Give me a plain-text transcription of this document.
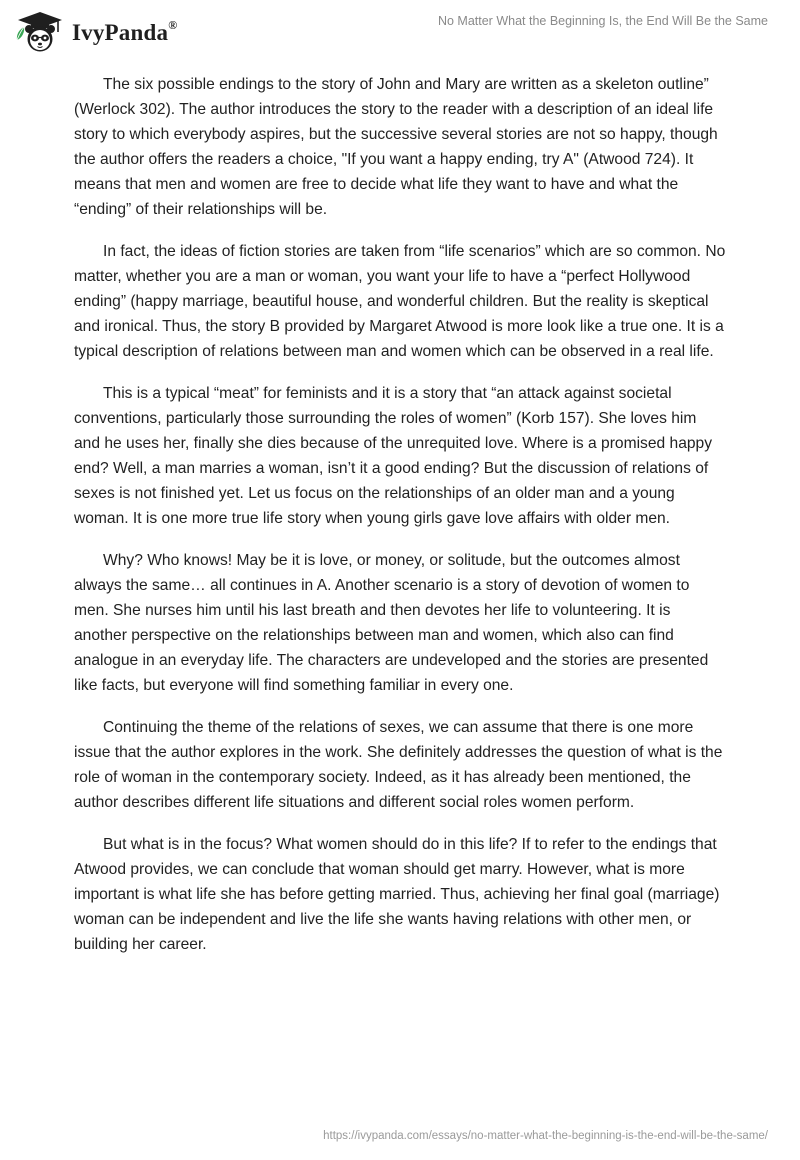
IvyPanda®	No Matter What the Beginning Is, the End Will Be the Same

The six possible endings to the story of John and Mary are written as a skeleton outline” (Werlock 302). The author introduces the story to the reader with a description of an ideal life story to which everybody aspires, but the successive several stories are not so happy, though the author offers the readers a choice, "If you want a happy ending, try A" (Atwood 724). It means that men and women are free to decide what life they want to have and what the “ending” of their relationships will be.

In fact, the ideas of fiction stories are taken from “life scenarios” which are so common. No matter, whether you are a man or woman, you want your life to have a “perfect Hollywood ending” (happy marriage, beautiful house, and wonderful children. But the reality is skeptical and ironical. Thus, the story B provided by Margaret Atwood is more look like a true one. It is a typical description of relations between man and women which can be observed in a real life.

This is a typical “meat” for feminists and it is a story that “an attack against societal conventions, particularly those surrounding the roles of women” (Korb 157). She loves him and he uses her, finally she dies because of the unrequited love. Where is a promised happy end? Well, a man marries a woman, isn’t it a good ending? But the discussion of relations of sexes is not finished yet. Let us focus on the relationships of an older man and a young woman. It is one more true life story when young girls gave love affairs with older men.

Why? Who knows! May be it is love, or money, or solitude, but the outcomes almost always the same… all continues in A. Another scenario is a story of devotion of women to men. She nurses him until his last breath and then devotes her life to volunteering. It is another perspective on the relationships between man and women, which also can find analogue in an everyday life. The characters are undeveloped and the stories are presented like facts, but everyone will find something familiar in every one.

Continuing the theme of the relations of sexes, we can assume that there is one more issue that the author explores in the work. She definitely addresses the question of what is the role of woman in the contemporary society. Indeed, as it has already been mentioned, the author describes different life situations and different social roles women perform.

But what is in the focus? What women should do in this life? If to refer to the endings that Atwood provides, we can conclude that woman should get marry. However, what is more important is what life she has before getting married. Thus, achieving her final goal (marriage) woman can be independent and live the life she wants having relations with other men, or building her career.

https://ivypanda.com/essays/no-matter-what-the-beginning-is-the-end-will-be-the-same/
